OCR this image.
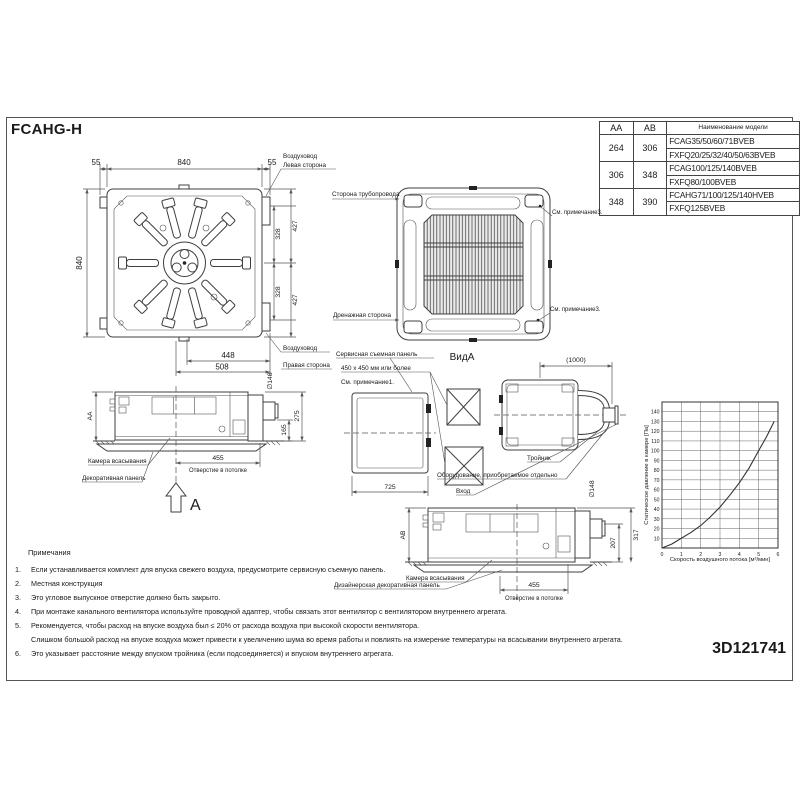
FCAHG-H	AA	AB	Наименование модели
264	306	FCAG35/50/60/71BVEB
		FXFQ20/25/32/40/50/63BVEB
306	348	FCAG100/125/140BVEB
		FXFQ80/100BVEB
348	390	FCAHG71/100/125/140HVEB
		FXFQ125BVEB
55	840	55
840
328
328
427
427
448
508
Воздуховод
Левая сторона
Воздуховод
Правая сторона
Сторона трубопровода
Дренажная сторона
См. примечание3.
См. примечание3.
ВидA
AA
∅148
165
275
455
Отверстие в потолке
Камера всасывания
Декоративная панель
A
Сервисная съемная панель
450 x 450 мм или более
См. примечание1.
725
(1000)
Тройник
Оборудование, приобретаемое отдельно
Вход
АВ
∅148
207
317
455
Отверстие в потолке
Камера всасывания
Дизайнерская декоративная панель
0	1	2	3	4	5	6
10
20
30
40
50
60
70
80
90
100
110
120
130
140
Статическое давление в камере [Па]
Скорость воздушного потока [м³/мин]
Примечания
1.	Если устанавливается комплект для впуска свежего воздуха, предусмотрите сервисную съемную панель.
2.	Местная конструкция
3.	Это угловое выпускное отверстие должно быть закрыто.
4.	При монтаже канального вентилятора используйте проводной адаптер, чтобы связать этот вентилятор с вентилятором внутреннего агрегата.
5.	Рекомендуется, чтобы расход на впуске воздуха был ≤ 20% от расхода воздуха при высокой скорости вентилятора.
Слишком большой расход на впуске воздуха может привести к увеличению шума во время работы и повлиять на измерение температуры на всасывании внутреннего агрегата.
6.	Это указывает расстояние между впуском тройника (если подсоединяется) и впуском внутреннего агрегата.	3D121741
